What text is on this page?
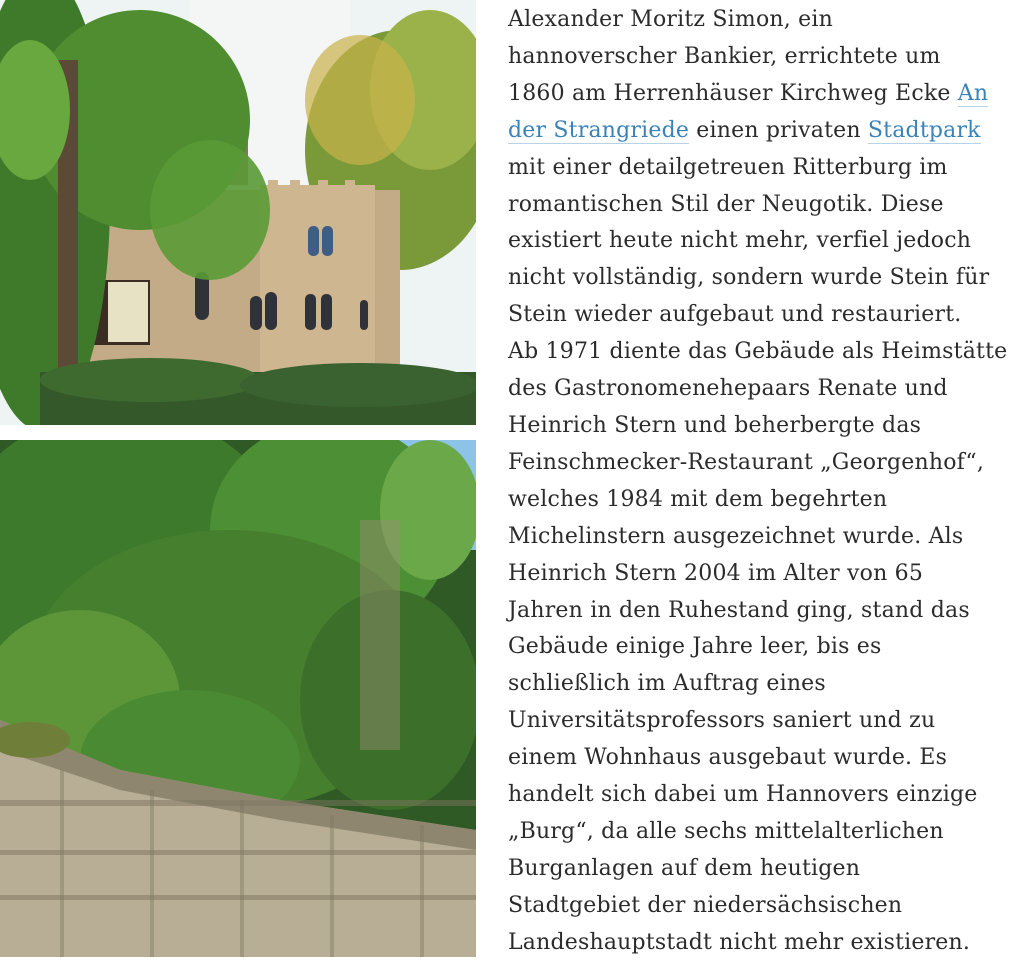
Alexander Moritz Simon, ein
hannoverscher Bankier, errichtete um
1860 am Herrenhäuser Kirchweg Ecke An
der Strangriede einen privaten Stadtpark
mit einer detailgetreuen Ritterburg im
romantischen Stil der Neugotik. Diese
existiert heute nicht mehr, verfiel jedoch
nicht vollständig, sondern wurde Stein für
Stein wieder aufgebaut und restauriert.
Ab 1971 diente das Gebäude als Heimstätte
des Gastronomenehepaars Renate und
Heinrich Stern und beherbergte das
Feinschmecker-Restaurant „Georgenhof“,
welches 1984 mit dem begehrten
Michelinstern ausgezeichnet wurde. Als
Heinrich Stern 2004 im Alter von 65
Jahren in den Ruhestand ging, stand das
Gebäude einige Jahre leer, bis es
schließlich im Auftrag eines
Universitätsprofessors saniert und zu
einem Wohnhaus ausgebaut wurde. Es
handelt sich dabei um Hannovers einzige
„Burg“, da alle sechs mittelalterlichen
Burganlagen auf dem heutigen
Stadtgebiet der niedersächsischen
Landeshauptstadt nicht mehr existieren.
